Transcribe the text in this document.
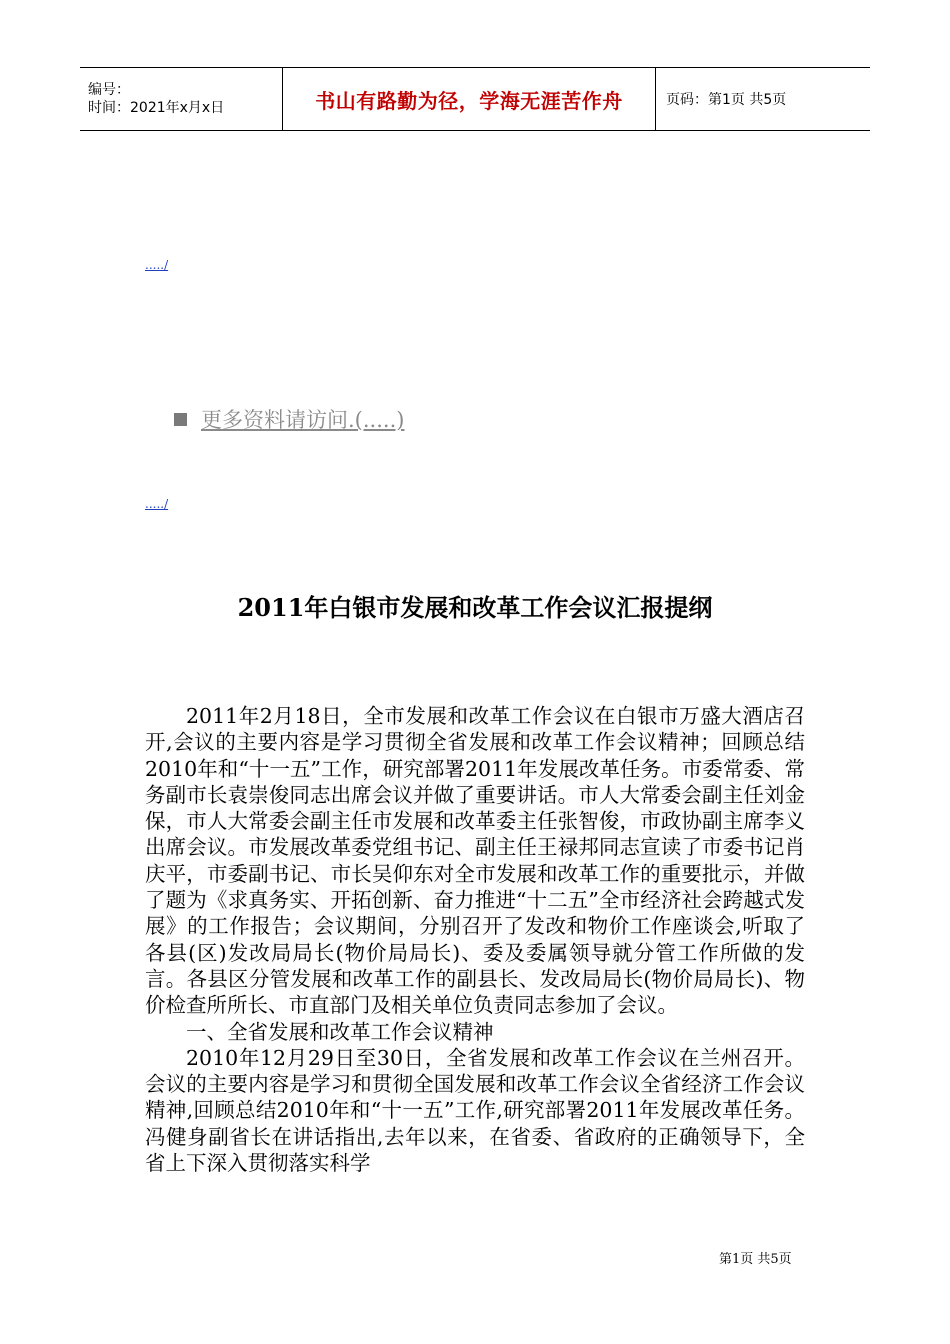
编号：
时间：2021年x月x日	书山有路勤为径，学海无涯苦作舟	页码：第1页 共5页
...../
更多资料请访问.(.....)
...../
2011年白银市发展和改革工作会议汇报提纲

2011年2月18日，全市发展和改革工作会议在白银市万盛大酒店召开,会议的主要内容是学习贯彻全省发展和改革工作会议精神；回顾总结2010年和“十一五”工作，研究部署2011年发展改革任务。市委常委、常务副市长袁崇俊同志出席会议并做了重要讲话。市人大常委会副主任刘金保，市人大常委会副主任市发展和改革委主任张智俊，市政协副主席李义出席会议。市发展改革委党组书记、副主任王禄邦同志宣读了市委书记肖庆平，市委副书记、市长吴仰东对全市发展和改革工作的重要批示，并做了题为《求真务实、开拓创新、奋力推进“十二五”全市经济社会跨越式发展》的工作报告；会议期间，分别召开了发改和物价工作座谈会,听取了各县(区)发改局局长(物价局局长)、委及委属领导就分管工作所做的发言。各县区分管发展和改革工作的副县长、发改局局长(物价局局长)、物价检查所所长、市直部门及相关单位负责同志参加了会议。

一、全省发展和改革工作会议精神

2010年12月29日至30日，全省发展和改革工作会议在兰州召开。会议的主要内容是学习和贯彻全国发展和改革工作会议全省经济工作会议精神,回顾总结2010年和“十一五”工作,研究部署2011年发展改革任务。冯健身副省长在讲话指出,去年以来，在省委、省政府的正确领导下，全省上下深入贯彻落实科学

第1页 共5页
